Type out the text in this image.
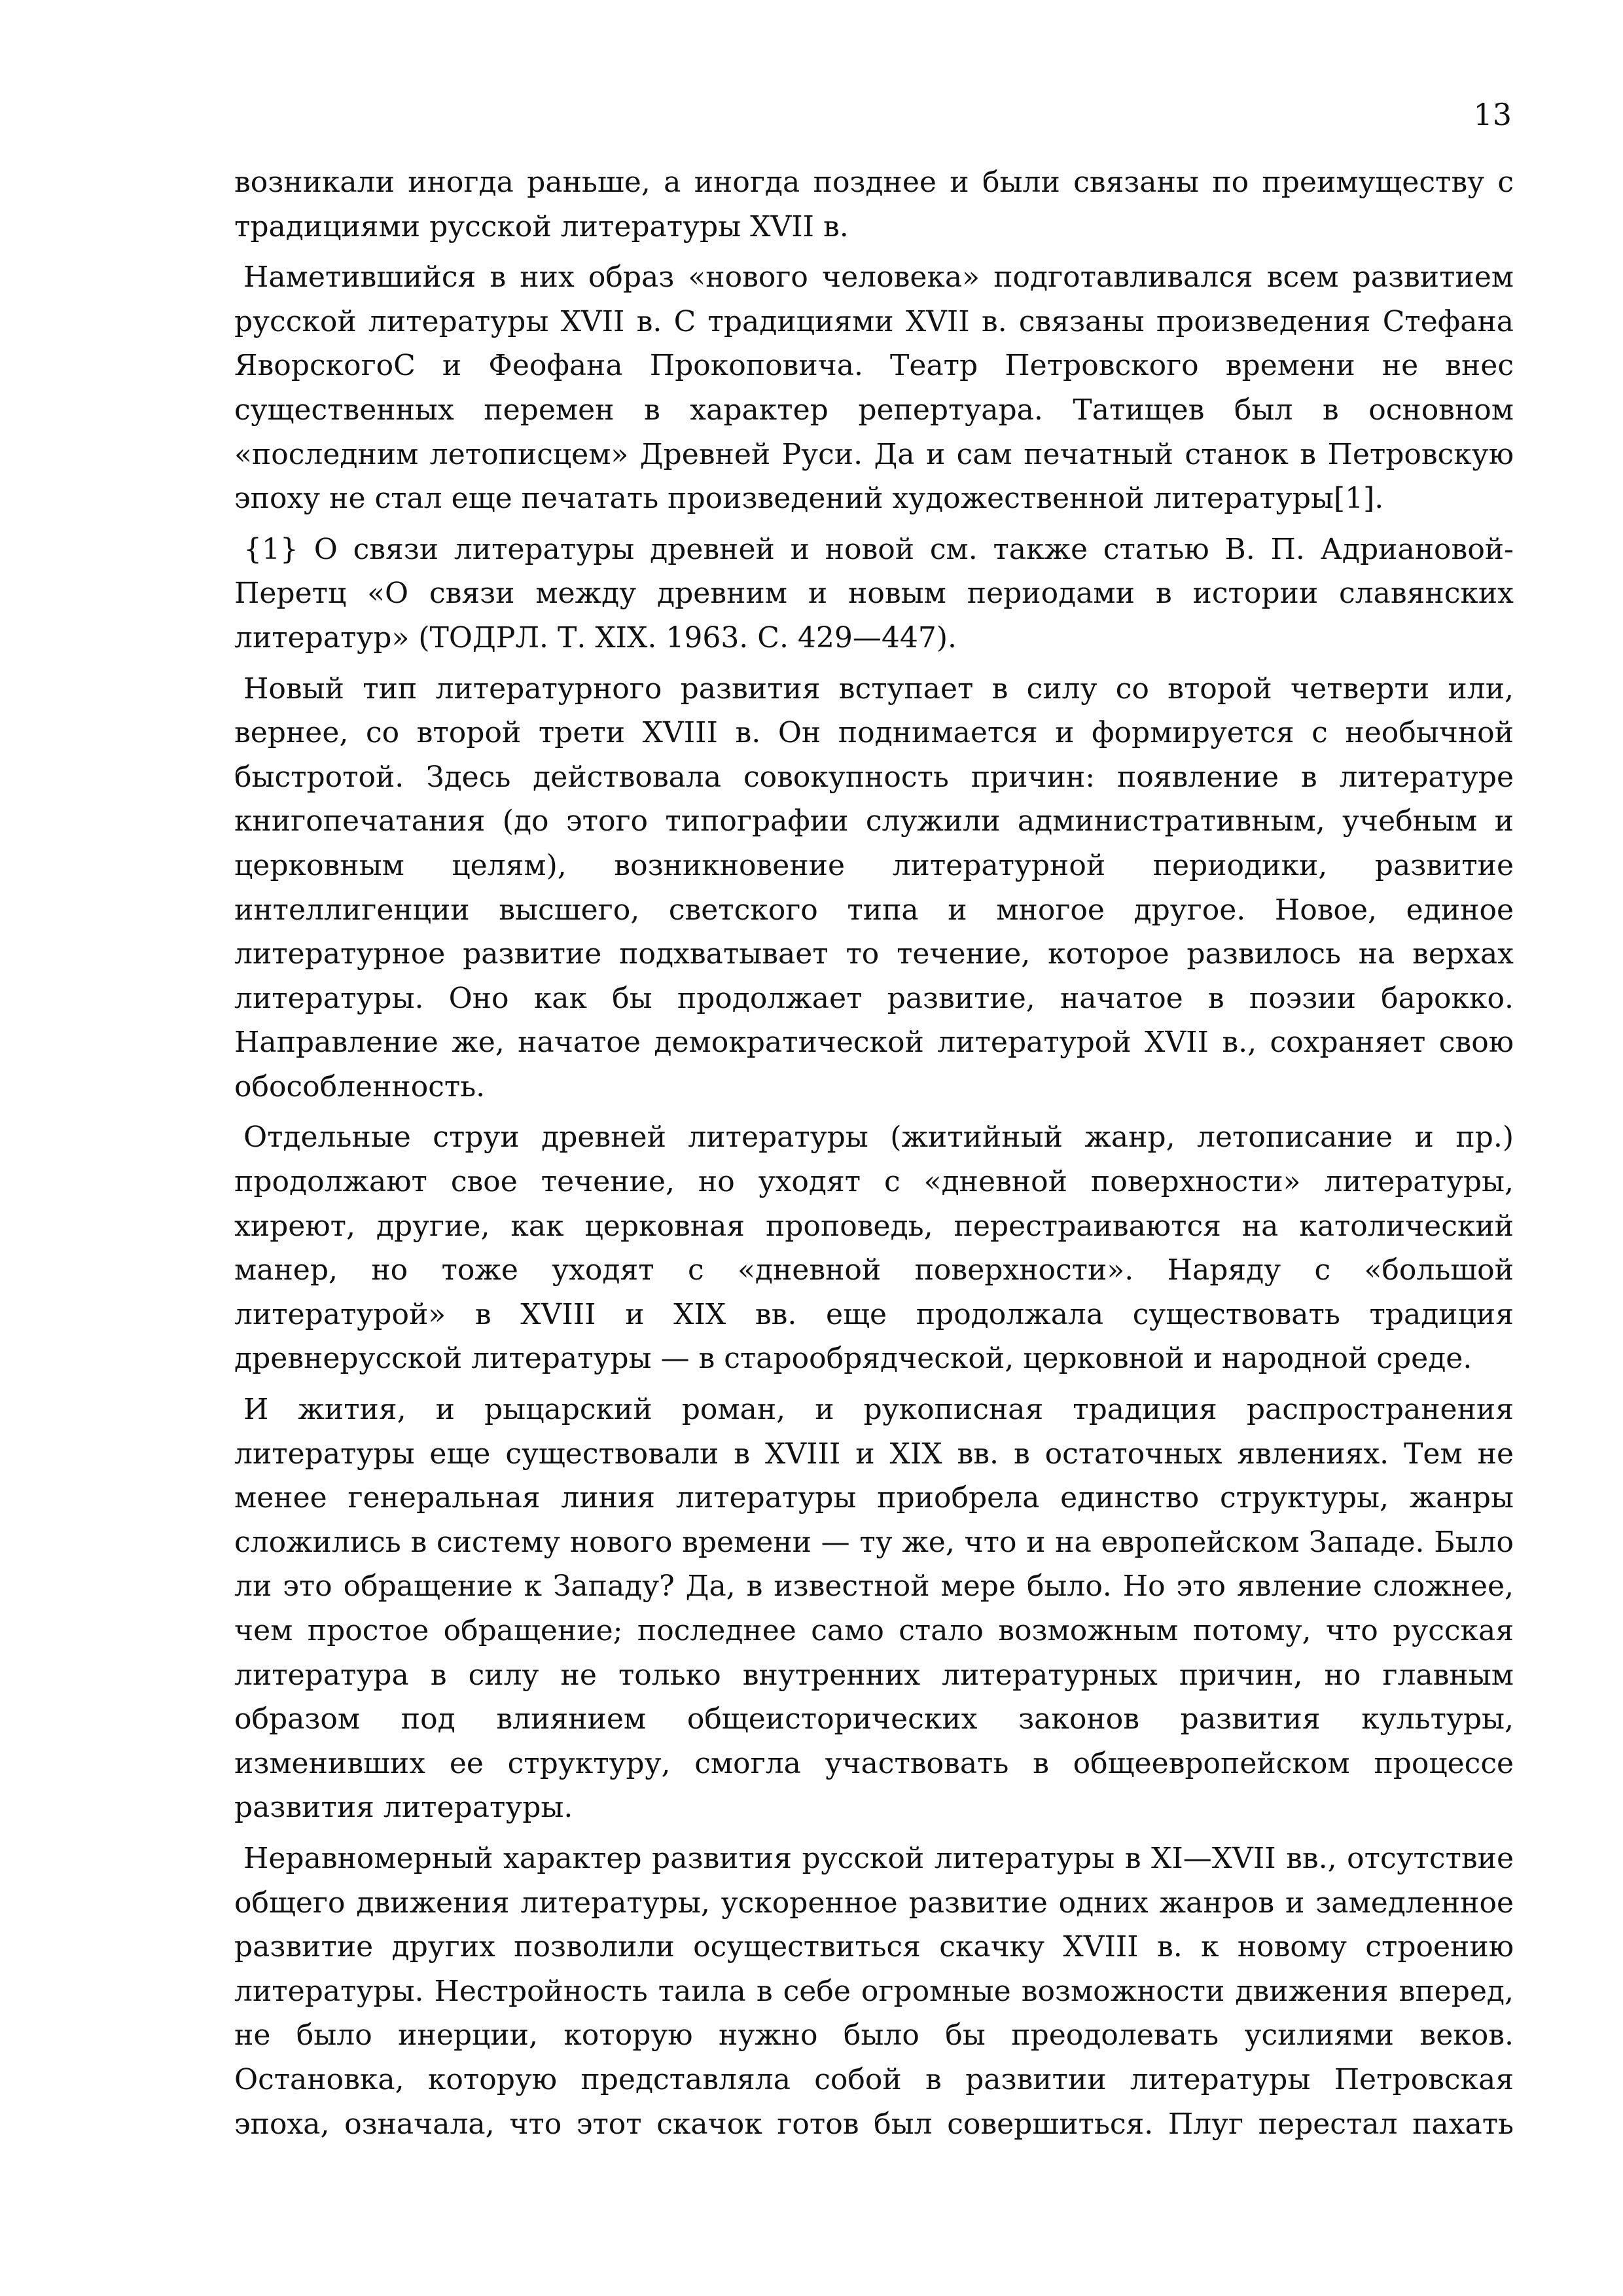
13

возникали иногда раньше, а иногда позднее и были связаны по преимуществу с традициями русской литературы XVII в.

Наметившийся в них образ «нового человека» подготавливался всем развитием русской литературы XVII в. С традициями XVII в. связаны произведения Стефана ЯворскогоС и Феофана Прокоповича. Театр Петровского времени не внес существенных перемен в характер репертуара. Татищев был в основном «последним летописцем» Древней Руси. Да и сам печатный станок в Петровскую эпоху не стал еще печатать произведений художественной литературы[1].

{1} О связи литературы древней и новой см. также статью В. П. Адриановой-Перетц «О связи между древним и новым периодами в истории славянских литератур» (ТОДРЛ. Т. XIX. 1963. С. 429—447).

Новый тип литературного развития вступает в силу со второй четверти или, вернее, со второй трети XVIII в. Он поднимается и формируется с необычной быстротой. Здесь действовала совокупность причин: появление в литературе книгопечатания (до этого типографии служили административным, учебным и церковным целям), возникновение литературной периодики, развитие интеллигенции высшего, светского типа и многое другое. Новое, единое литературное развитие подхватывает то течение, которое развилось на верхах литературы. Оно как бы продолжает развитие, начатое в поэзии барокко. Направление же, начатое демократической литературой XVII в., сохраняет свою обособленность.

Отдельные струи древней литературы (житийный жанр, летописание и пр.) продолжают свое течение, но уходят с «дневной поверхности» литературы, хиреют, другие, как церковная проповедь, перестраиваются на католический манер, но тоже уходят с «дневной поверхности». Наряду с «большой литературой» в XVIII и XIX вв. еще продолжала существовать традиция древнерусской литературы — в старообрядческой, церковной и народной среде.

И жития, и рыцарский роман, и рукописная традиция распространения литературы еще существовали в XVIII и XIX вв. в остаточных явлениях. Тем не менее генеральная линия литературы приобрела единство структуры, жанры сложились в систему нового времени — ту же, что и на европейском Западе. Было ли это обращение к Западу? Да, в известной мере было. Но это явление сложнее, чем простое обращение; последнее само стало возможным потому, что русская литература в силу не только внутренних литературных причин, но главным образом под влиянием общеисторических законов развития культуры, изменивших ее структуру, смогла участвовать в общеевропейском процессе развития литературы.

Неравномерный характер развития русской литературы в XI—XVII вв., отсутствие общего движения литературы, ускоренное развитие одних жанров и замедленное развитие других позволили осуществиться скачку XVIII в. к новому строению литературы. Нестройность таила в себе огромные возможности движения вперед, не было инерции, которую нужно было бы преодолевать усилиями веков. Остановка, которую представляла собой в развитии литературы Петровская эпоха, означала, что этот скачок готов был совершиться. Плуг перестал пахать
